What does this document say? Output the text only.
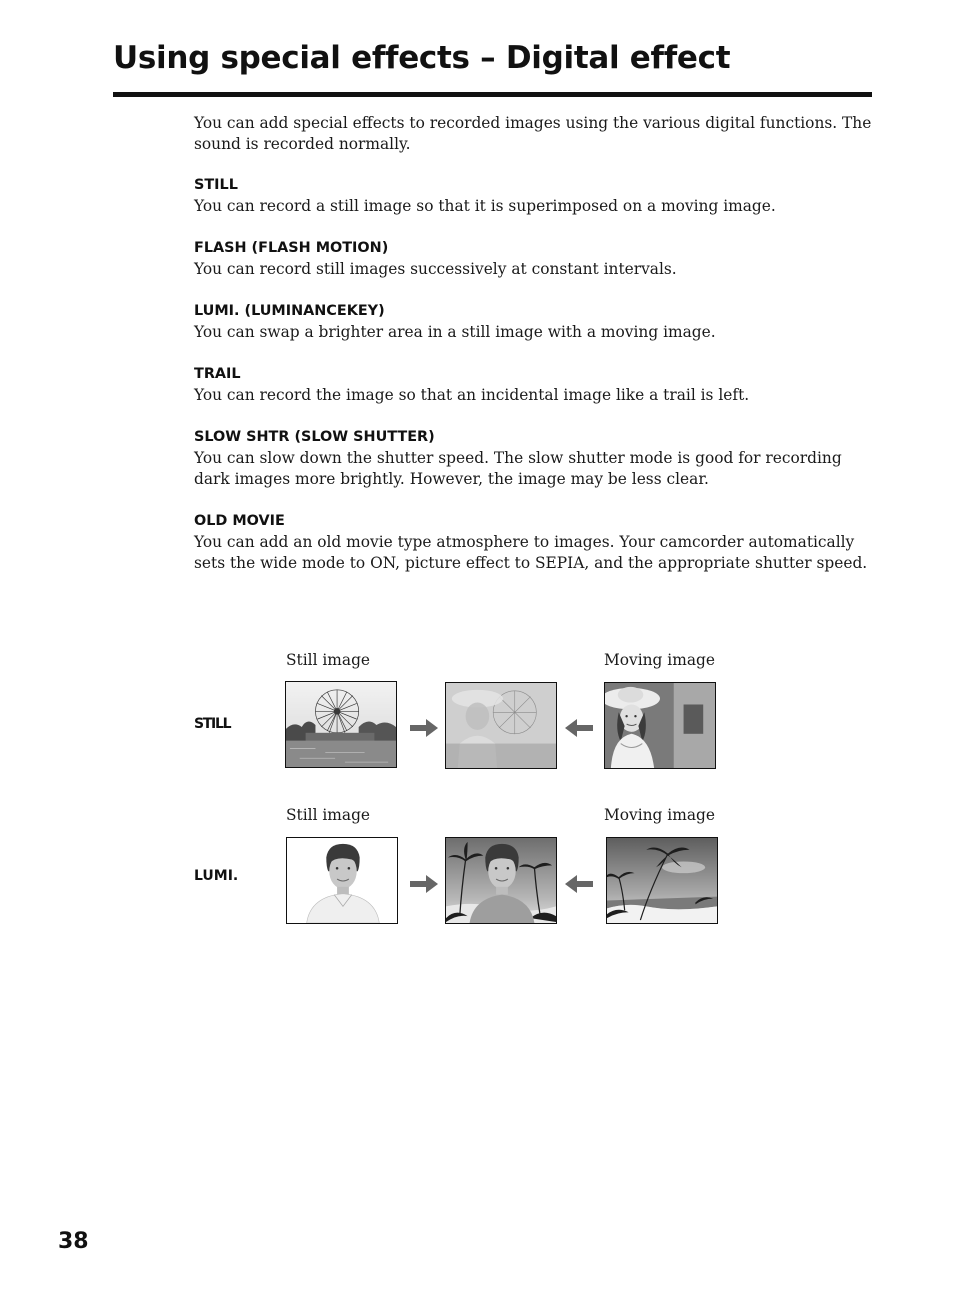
Using special effects – Digital effect

You can add special effects to recorded images using the various digital functions. The sound is recorded normally.

STILL

You can record a still image so that it is superimposed on a moving image.

FLASH (FLASH MOTION)

You can record still images successively at constant intervals.

LUMI. (LUMINANCEKEY)

You can swap a brighter area in a still image with a moving image.

TRAIL

You can record the image so that an incidental image like a trail is left.

SLOW SHTR (SLOW SHUTTER)

You can slow down the shutter speed. The slow shutter mode is good for recording dark images more brightly. However, the image may be less clear.

OLD MOVIE

You can add an old movie type atmosphere to images. Your camcorder automatically sets the wide mode to ON, picture effect to SEPIA, and the appropriate shutter speed.

Still image	Moving image
STILL
Still image	Moving image
LUMI.
38
